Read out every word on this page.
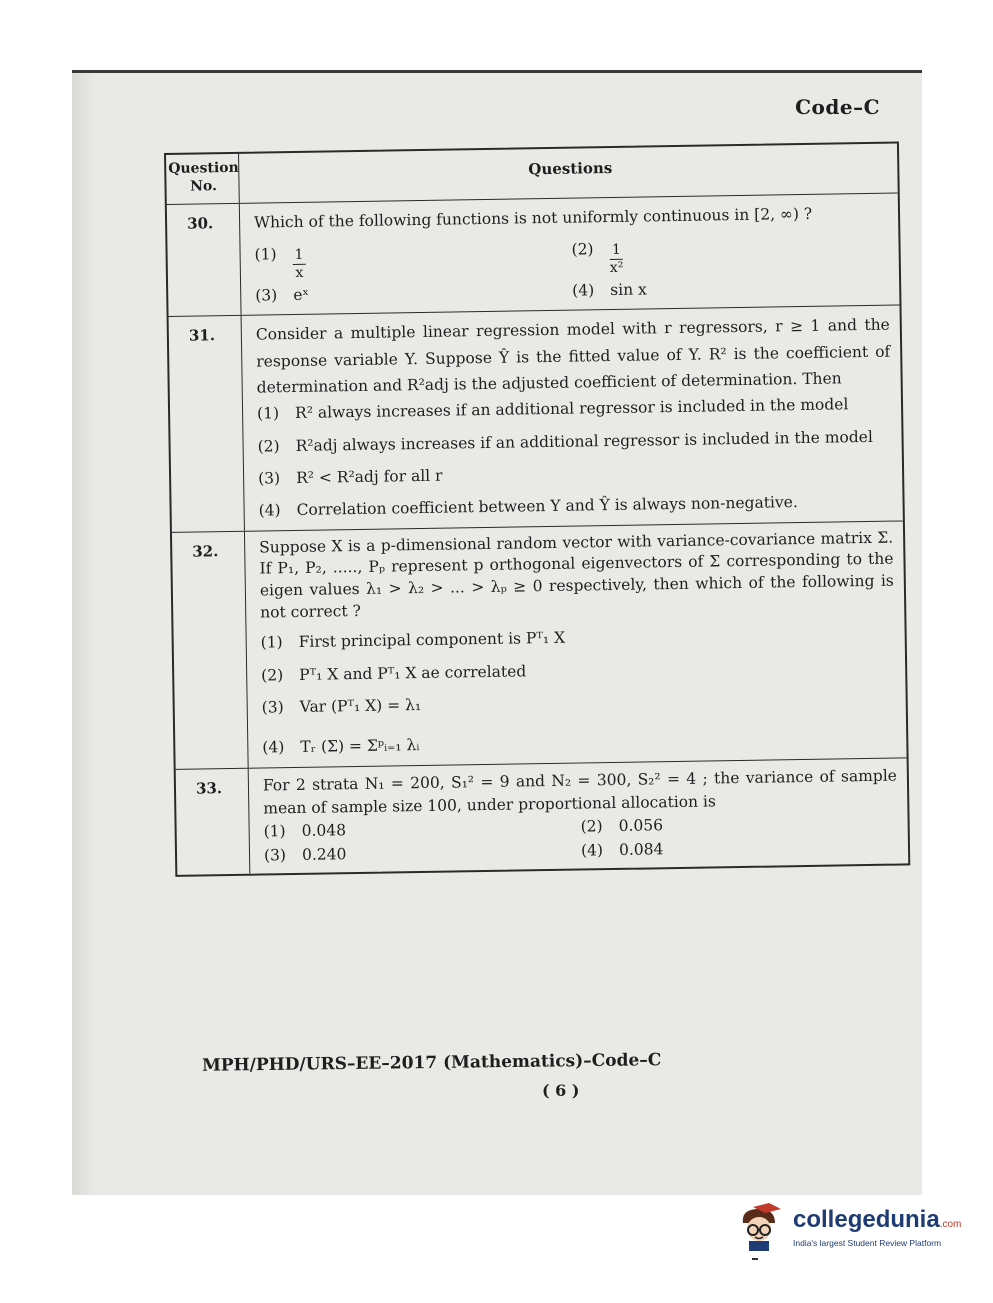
Code–C
Question No.
Questions
30.	Which of the following functions is not uniformly continuous in [2, ∞) ?
(1)	$\frac{1}{x}$	(2)	$\frac{1}{\text{x²}}$
(3)	eˣ	(4)	sin x
31.	Consider a multiple linear regression model with r regressors, r ≥ 1 and the response variable Y. Suppose Ŷ is the fitted value of Y. R² is the coefficient of determination and R²adj is the adjusted coefficient of determination. Then
(1)	R² always increases if an additional regressor is included in the model
(2)	R²adj always increases if an additional regressor is included in the model
(3)	R² < R²adj for all r
(4)	Correlation coefficient between Y and Ŷ is always non-negative.
32.	Suppose X is a p-dimensional random vector with variance-covariance matrix Σ. If P₁, P₂, ....., Pₚ represent p orthogonal eigenvectors of Σ corresponding to the eigen values λ₁ > λ₂ > ... > λₚ ≥ 0 respectively, then which of the following is not correct ?
(1)	First principal component is Pᵀ₁ X
(2)	Pᵀ₁ X and Pᵀ₁ X ae correlated
(3)	Var (Pᵀ₁ X) = λ₁
(4)	Tᵣ (Σ) = Σᵖᵢ₌₁ λᵢ
33.	For 2 strata N₁ = 200, S₁² = 9 and N₂ = 300, S₂² = 4 ; the variance of sample mean of sample size 100, under proportional allocation is
(1)	0.048	(2)	0.056
(3)	0.240	(4)	0.084
MPH/PHD/URS–EE–2017 (Mathematics)–Code–C
( 6 )
collegedunia.com
India's largest Student Review Platform
